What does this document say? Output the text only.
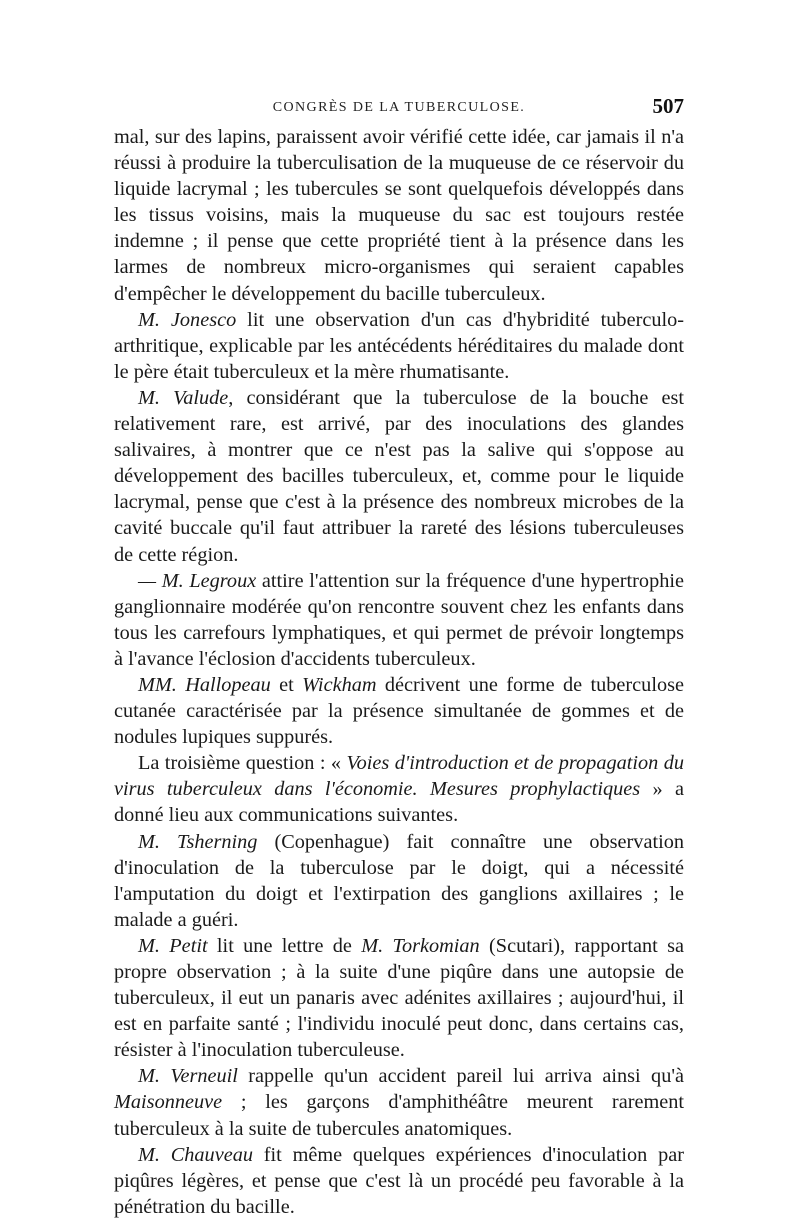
CONGRÈS DE LA TUBERCULOSE.	507

mal, sur des lapins, paraissent avoir vérifié cette idée, car jamais il n'a réussi à produire la tuberculisation de la muqueuse de ce réservoir du liquide lacrymal ; les tubercules se sont quelquefois développés dans les tissus voisins, mais la muqueuse du sac est toujours restée indemne ; il pense que cette propriété tient à la présence dans les larmes de nombreux micro-organismes qui seraient capables d'empêcher le développement du bacille tuberculeux.

M. Jonesco lit une observation d'un cas d'hybridité tuberculo-arthritique, explicable par les antécédents héréditaires du malade dont le père était tuberculeux et la mère rhumatisante.

M. Valude, considérant que la tuberculose de la bouche est relativement rare, est arrivé, par des inoculations des glandes salivaires, à montrer que ce n'est pas la salive qui s'oppose au développement des bacilles tuberculeux, et, comme pour le liquide lacrymal, pense que c'est à la présence des nombreux microbes de la cavité buccale qu'il faut attribuer la rareté des lésions tuberculeuses de cette région.

— M. Legroux attire l'attention sur la fréquence d'une hypertrophie ganglionnaire modérée qu'on rencontre souvent chez les enfants dans tous les carrefours lymphatiques, et qui permet de prévoir longtemps à l'avance l'éclosion d'accidents tuberculeux.

MM. Hallopeau et Wickham décrivent une forme de tuberculose cutanée caractérisée par la présence simultanée de gommes et de nodules lupiques suppurés.

La troisième question : « Voies d'introduction et de propagation du virus tuberculeux dans l'économie. Mesures prophylactiques » a donné lieu aux communications suivantes.

M. Tsherning (Copenhague) fait connaître une observation d'inoculation de la tuberculose par le doigt, qui a nécessité l'amputation du doigt et l'extirpation des ganglions axillaires ; le malade a guéri.

M. Petit lit une lettre de M. Torkomian (Scutari), rapportant sa propre observation ; à la suite d'une piqûre dans une autopsie de tuberculeux, il eut un panaris avec adénites axillaires ; aujourd'hui, il est en parfaite santé ; l'individu inoculé peut donc, dans certains cas, résister à l'inoculation tuberculeuse.

M. Verneuil rappelle qu'un accident pareil lui arriva ainsi qu'à Maisonneuve ; les garçons d'amphithéâtre meurent rarement tuberculeux à la suite de tubercules anatomiques.

M. Chauveau fit même quelques expériences d'inoculation par piqûres légères, et pense que c'est là un procédé peu favorable à la pénétration du bacille.
